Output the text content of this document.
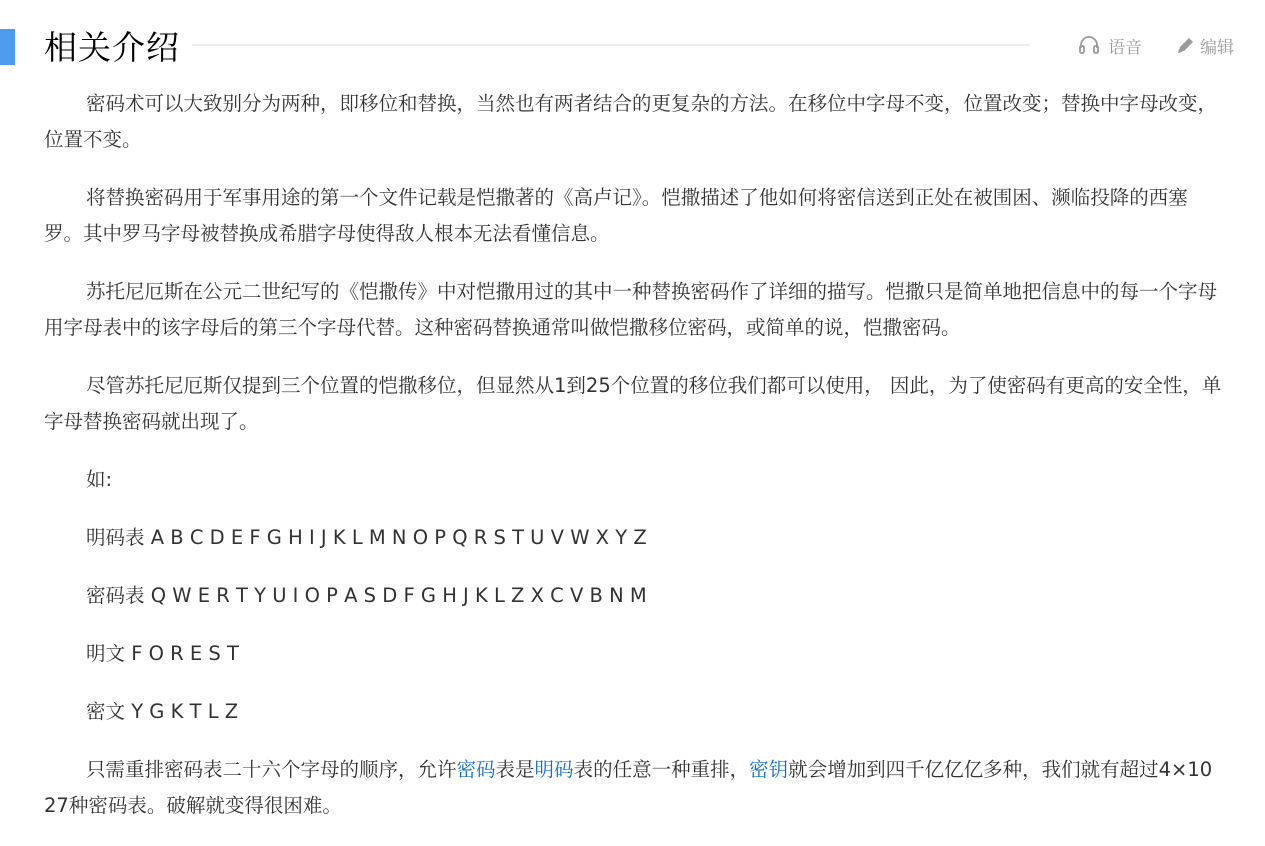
相关介绍	语音	编辑

密码术可以大致别分为两种，即移位和替换，当然也有两者结合的更复杂的方法。在移位中字母不变，位置改变；替换中字母改变，位置不变。

将替换密码用于军事用途的第一个文件记载是恺撒著的《高卢记》。恺撒描述了他如何将密信送到正处在被围困、濒临投降的西塞罗。其中罗马字母被替换成希腊字母使得敌人根本无法看懂信息。

苏托尼厄斯在公元二世纪写的《恺撒传》中对恺撒用过的其中一种替换密码作了详细的描写。恺撒只是简单地把信息中的每一个字母用字母表中的该字母后的第三个字母代替。这种密码替换通常叫做恺撒移位密码，或简单的说，恺撒密码。

尽管苏托尼厄斯仅提到三个位置的恺撒移位，但显然从1到25个位置的移位我们都可以使用， 因此，为了使密码有更高的安全性，单字母替换密码就出现了。

如:

明码表 A B C D E F G H I J K L M N O P Q R S T U V W X Y Z

密码表 Q W E R T Y U I O P A S D F G H J K L Z X C V B N M

明文 F O R E S T

密文 Y G K T L Z

只需重排密码表二十六个字母的顺序，允许密码表是明码表的任意一种重排，密钥就会增加到四千亿亿亿多种，我们就有超过4×1027种密码表。破解就变得很困难。
